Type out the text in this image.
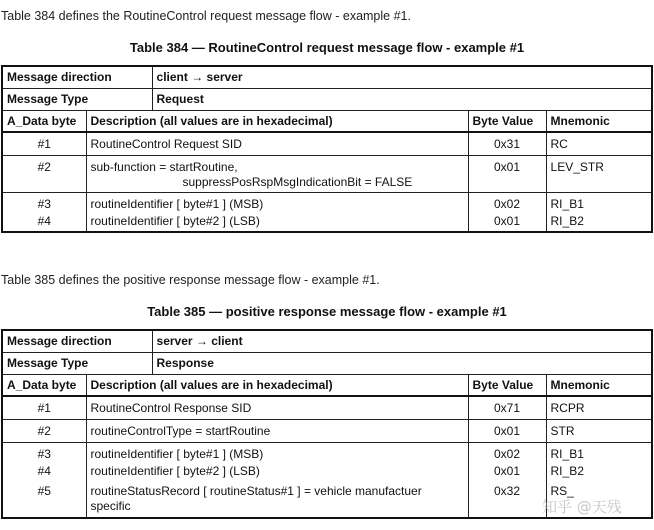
Table 384 defines the RoutineControl request message flow - example #1.
Table 384 — RoutineControl request message flow - example #1
Message direction		client → server		
Message Type		Request		
A_Data byte	Description (all values are in hexadecimal)		Byte Value	Mnemonic
#1	RoutineControl Request SID		0x31	RC
#2	sub-function = startRoutine,
suppressPosRspMsgIndicationBit = FALSE		0x01	LEV_STR
#3	routineIdentifier [ byte#1 ] (MSB)		0x02	RI_B1
#4	routineIdentifier [ byte#2 ] (LSB)		0x01	RI_B2
Table 385 defines the positive response message flow - example #1.
Table 385 — positive response message flow - example #1
Message direction		server → client		
Message Type		Response		
A_Data byte	Description (all values are in hexadecimal)		Byte Value	Mnemonic
#1	RoutineControl Response SID		0x71	RCPR
#2	routineControlType = startRoutine		0x01	STR
#3	routineIdentifier [ byte#1 ] (MSB)		0x02	RI_B1
#4	routineIdentifier [ byte#2 ] (LSB)		0x01	RI_B2
#5	routineStatusRecord [ routineStatus#1 ] = vehicle manufactuer
specific		0x32	RS_
知乎 @天残
